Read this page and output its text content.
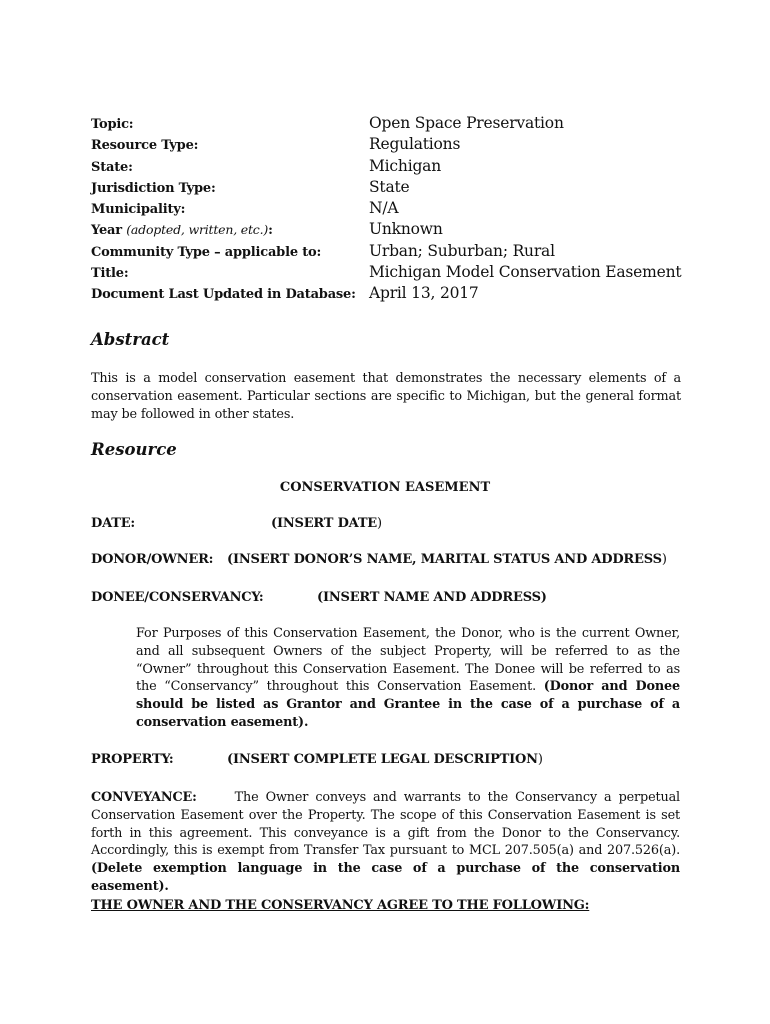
Topic:	Open Space Preservation
Resource Type:	Regulations
State:	Michigan
Jurisdiction Type:	State
Municipality:	N/A
Year (adopted, written, etc.):	Unknown
Community Type – applicable to:	Urban; Suburban; Rural
Title:	Michigan Model Conservation Easement
Document Last Updated in Database: April 13, 2017
Abstract
This is a model conservation easement that demonstrates the necessary elements of a conservation easement. Particular sections are specific to Michigan, but the general format may be followed in other states.
Resource
CONSERVATION EASEMENT
DATE:	(INSERT DATE)
DONOR/OWNER: (INSERT DONOR’S NAME, MARITAL STATUS AND ADDRESS)
DONEE/CONSERVANCY:	(INSERT NAME AND ADDRESS)
For Purposes of this Conservation Easement, the Donor, who is the current Owner, and all subsequent Owners of the subject Property, will be referred to as the “Owner” throughout this Conservation Easement. The Donee will be referred to as the “Conservancy” throughout this Conservation Easement. (Donor and Donee should be listed as Grantor and Grantee in the case of a purchase of a conservation easement).
PROPERTY:	(INSERT COMPLETE LEGAL DESCRIPTION)
CONVEYANCE:	The Owner conveys and warrants to the Conservancy a perpetual Conservation Easement over the Property. The scope of this Conservation Easement is set forth in this agreement. This conveyance is a gift from the Donor to the Conservancy. Accordingly, this is exempt from Transfer Tax pursuant to MCL 207.505(a) and 207.526(a). (Delete exemption language in the case of a purchase of the conservation easement).
THE OWNER AND THE CONSERVANCY AGREE TO THE FOLLOWING:
